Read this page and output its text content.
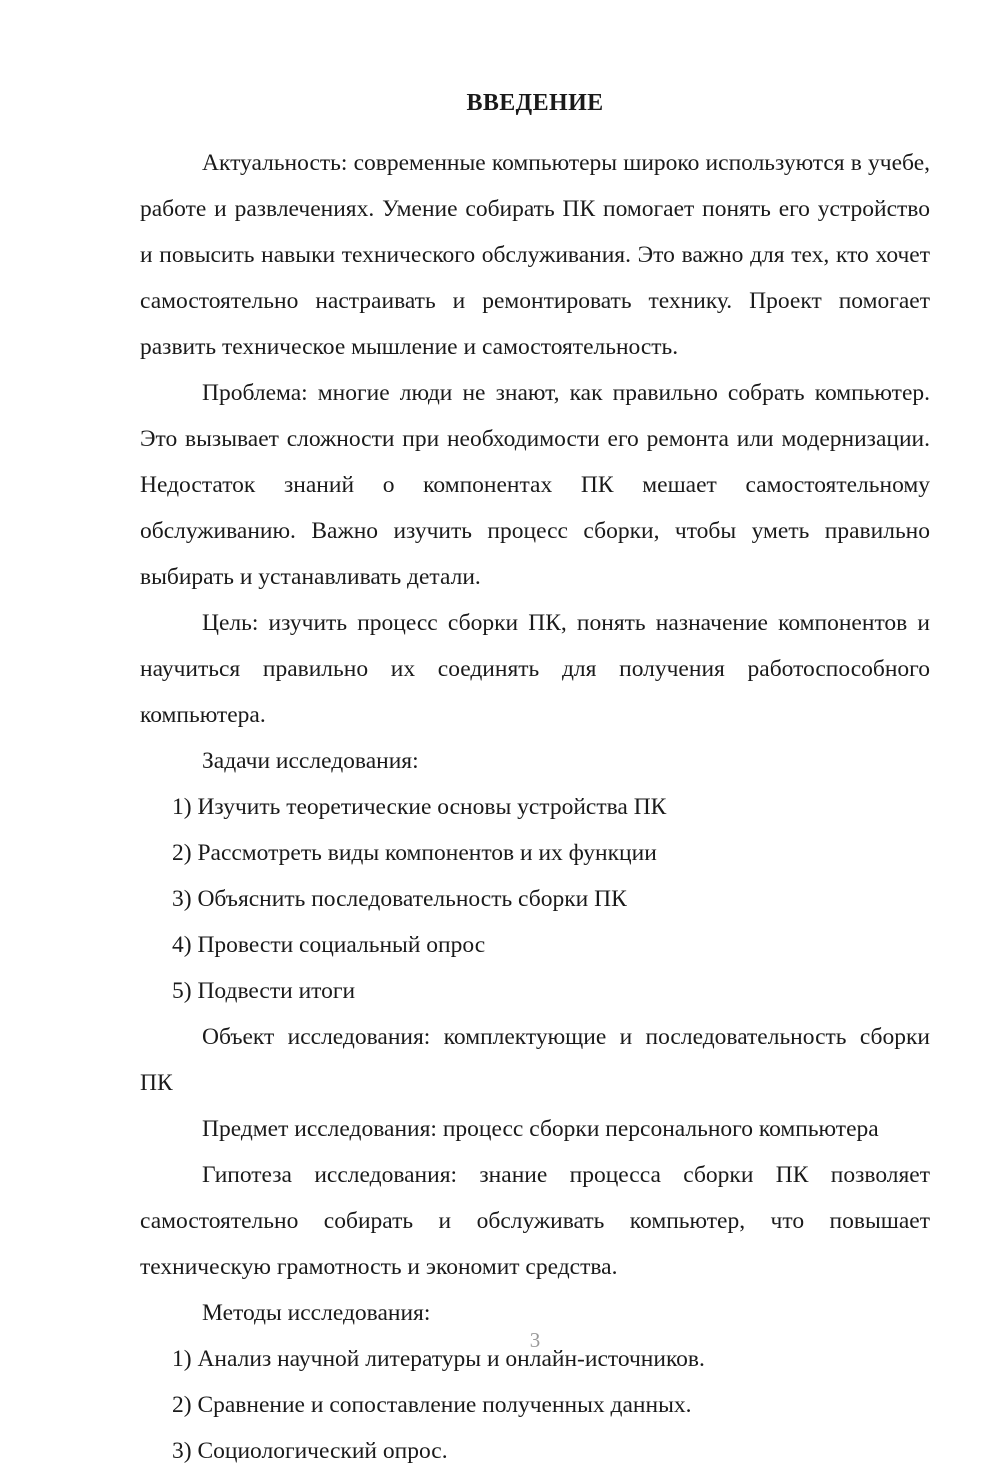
ВВЕДЕНИЕ

Актуальность: современные компьютеры широко используются в учебе, работе и развлечениях. Умение собирать ПК помогает понять его устройство и повысить навыки технического обслуживания. Это важно для тех, кто хочет самостоятельно настраивать и ремонтировать технику. Проект помогает развить техническое мышление и самостоятельность.

Проблема: многие люди не знают, как правильно собрать компьютер. Это вызывает сложности при необходимости его ремонта или модернизации. Недостаток знаний о компонентах ПК мешает самостоятельному обслуживанию. Важно изучить процесс сборки, чтобы уметь правильно выбирать и устанавливать детали.

Цель: изучить процесс сборки ПК, понять назначение компонентов и научиться правильно их соединять для получения работоспособного компьютера.

Задачи исследования:

1) Изучить теоретические основы устройства ПК

2) Рассмотреть виды компонентов и их функции

3) Объяснить последовательность сборки ПК

4) Провести социальный опрос

5) Подвести итоги

Объект исследования: комплектующие и последовательность сборки ПК

Предмет исследования: процесс сборки персонального компьютера

Гипотеза исследования: знание процесса сборки ПК позволяет самостоятельно собирать и обслуживать компьютер, что повышает техническую грамотность и экономит средства.

Методы исследования:

1) Анализ научной литературы и онлайн-источников.

2) Сравнение и сопоставление полученных данных.

3) Социологический опрос.

3
